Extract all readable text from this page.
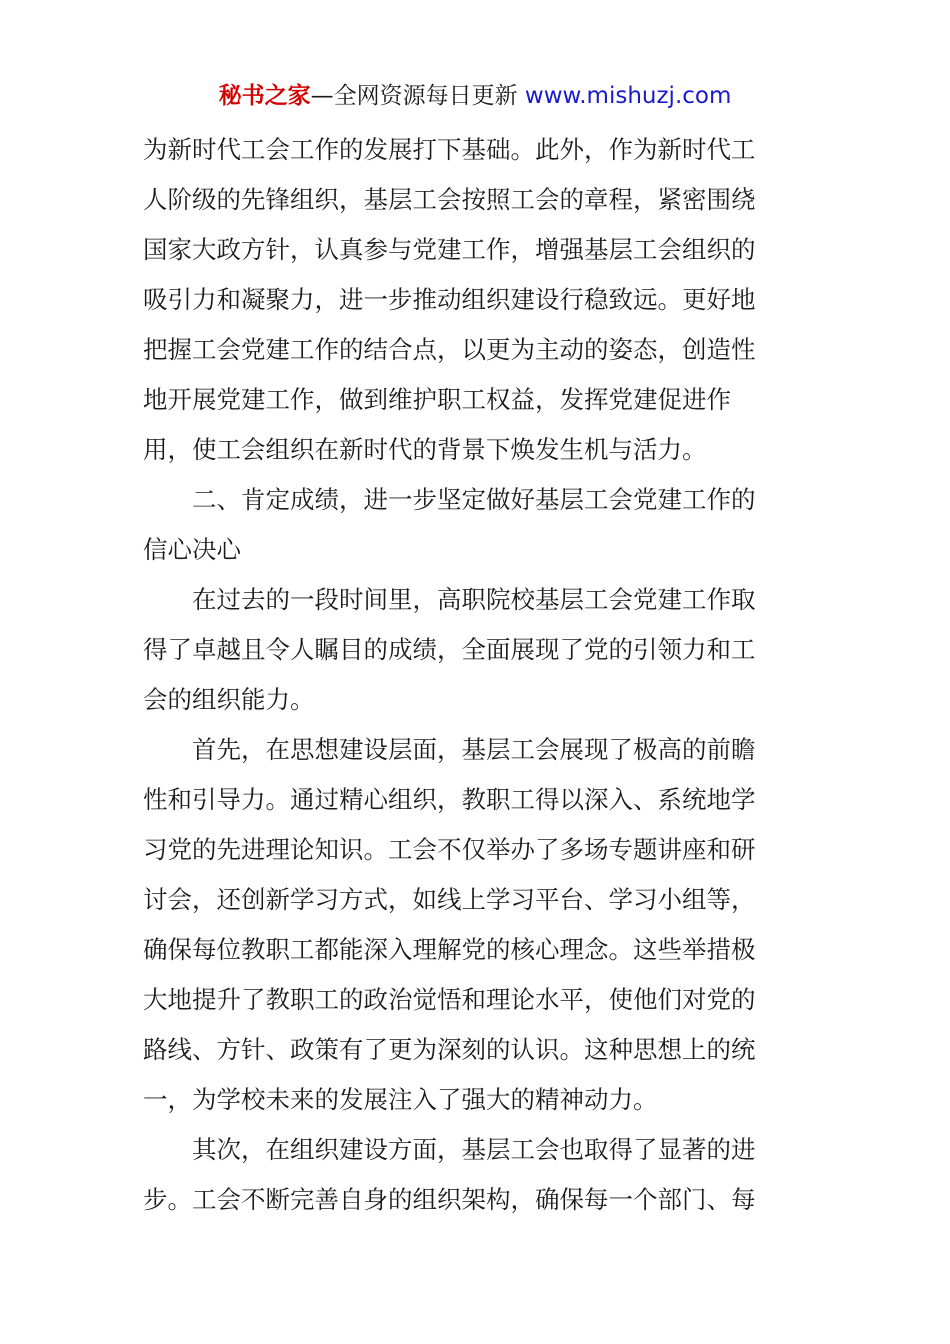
秘书之家—全网资源每日更新 www.mishuzj.com
为新时代工会工作的发展打下基础。此外，作为新时代工
人阶级的先锋组织，基层工会按照工会的章程，紧密围绕
国家大政方针，认真参与党建工作，增强基层工会组织的
吸引力和凝聚力，进一步推动组织建设行稳致远。更好地
把握工会党建工作的结合点，以更为主动的姿态，创造性
地开展党建工作，做到维护职工权益，发挥党建促进作
用，使工会组织在新时代的背景下焕发生机与活力。
二、肯定成绩，进一步坚定做好基层工会党建工作的
信心决心
在过去的一段时间里，高职院校基层工会党建工作取
得了卓越且令人瞩目的成绩，全面展现了党的引领力和工
会的组织能力。
首先，在思想建设层面，基层工会展现了极高的前瞻
性和引导力。通过精心组织，教职工得以深入、系统地学
习党的先进理论知识。工会不仅举办了多场专题讲座和研
讨会，还创新学习方式，如线上学习平台、学习小组等，
确保每位教职工都能深入理解党的核心理念。这些举措极
大地提升了教职工的政治觉悟和理论水平，使他们对党的
路线、方针、政策有了更为深刻的认识。这种思想上的统
一，为学校未来的发展注入了强大的精神动力。
其次，在组织建设方面，基层工会也取得了显著的进
步。工会不断完善自身的组织架构，确保每一个部门、每
